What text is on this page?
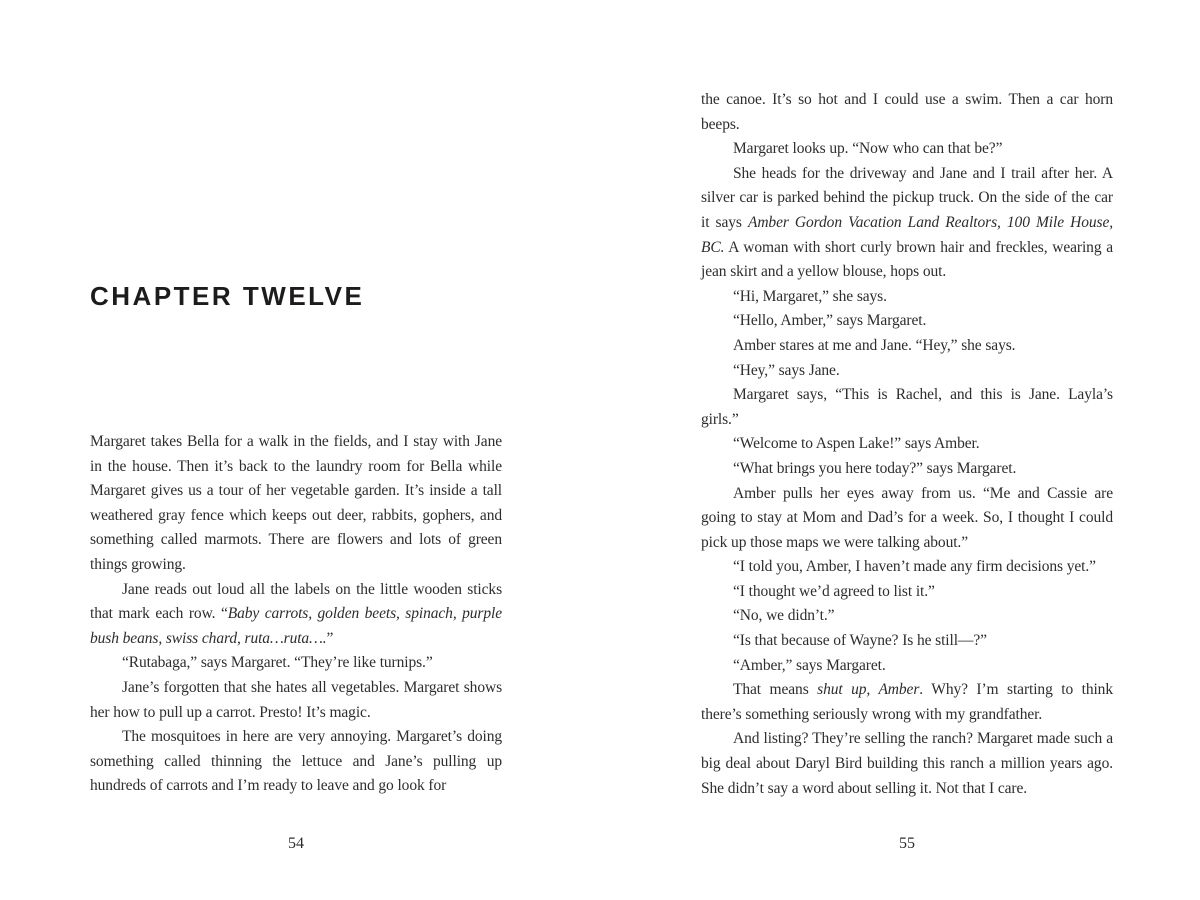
CHAPTER TWELVE

Margaret takes Bella for a walk in the fields, and I stay with Jane in the house. Then it’s back to the laundry room for Bella while Margaret gives us a tour of her vegetable garden. It’s inside a tall weathered gray fence which keeps out deer, rabbits, gophers, and something called marmots. There are flowers and lots of green things growing.

Jane reads out loud all the labels on the little wooden sticks that mark each row. “Baby carrots, golden beets, spinach, purple bush beans, swiss chard, ruta…ruta….”

“Rutabaga,” says Margaret. “They’re like turnips.”

Jane’s forgotten that she hates all vegetables. Margaret shows her how to pull up a carrot. Presto! It’s magic.

The mosquitoes in here are very annoying. Margaret’s doing something called thinning the lettuce and Jane’s pulling up hundreds of carrots and I’m ready to leave and go look for

the canoe. It’s so hot and I could use a swim. Then a car horn beeps.

Margaret looks up. “Now who can that be?”

She heads for the driveway and Jane and I trail after her. A silver car is parked behind the pickup truck. On the side of the car it says Amber Gordon Vacation Land Realtors, 100 Mile House, BC. A woman with short curly brown hair and freckles, wearing a jean skirt and a yellow blouse, hops out.

“Hi, Margaret,” she says.

“Hello, Amber,” says Margaret.

Amber stares at me and Jane. “Hey,” she says.

“Hey,” says Jane.

Margaret says, “This is Rachel, and this is Jane. Layla’s girls.”

“Welcome to Aspen Lake!” says Amber.

“What brings you here today?” says Margaret.

Amber pulls her eyes away from us. “Me and Cassie are going to stay at Mom and Dad’s for a week. So, I thought I could pick up those maps we were talking about.”

“I told you, Amber, I haven’t made any firm decisions yet.”

“I thought we’d agreed to list it.”

“No, we didn’t.”

“Is that because of Wayne? Is he still—?”

“Amber,” says Margaret.

That means shut up, Amber. Why? I’m starting to think there’s something seriously wrong with my grandfather.

And listing? They’re selling the ranch? Margaret made such a big deal about Daryl Bird building this ranch a million years ago. She didn’t say a word about selling it. Not that I care.

54	55
